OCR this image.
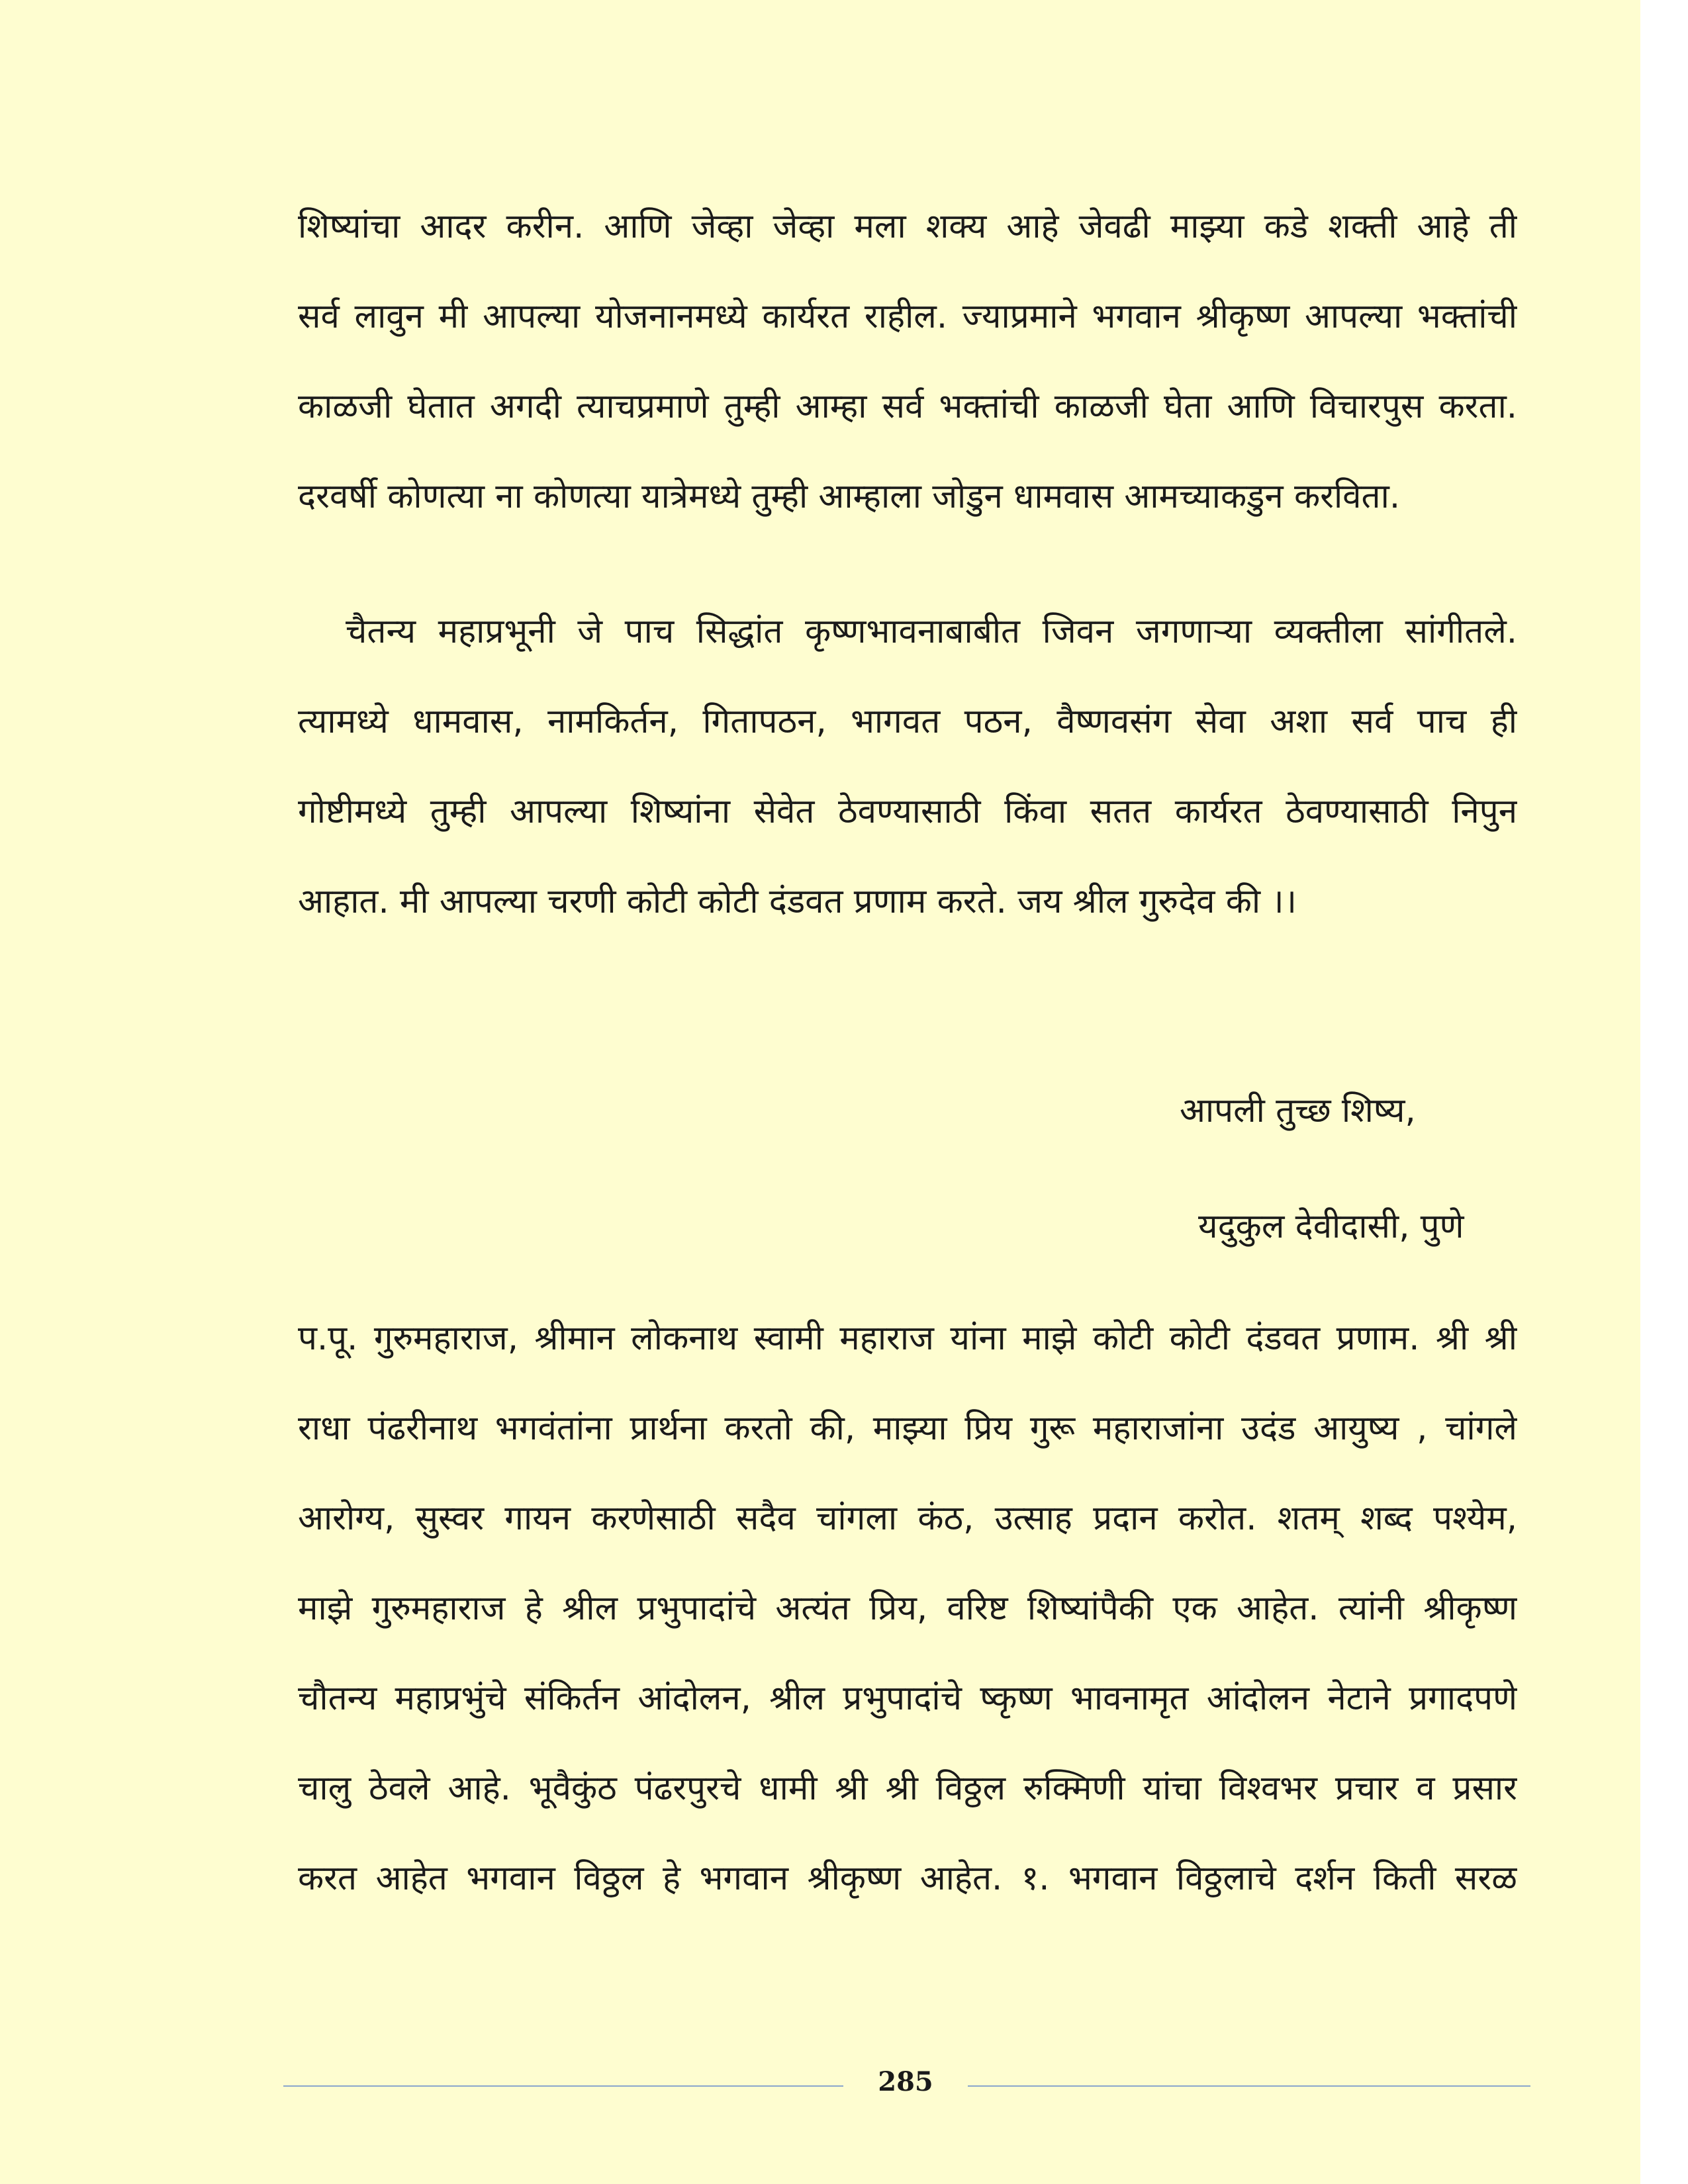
शिष्यांचा आदर करीन. आणि जेव्हा जेव्हा मला शक्य आहे जेवढी माझ्या कडे शक्ती आहे ती
सर्व लावुन मी आपल्या योजनानमध्ये कार्यरत राहील. ज्याप्रमाने भगवान श्रीकृष्ण आपल्या भक्तांची
काळजी घेतात अगदी त्याचप्रमाणे तुम्ही आम्हा सर्व भक्तांची काळजी घेता आणि विचारपुस करता.
दरवर्षी कोणत्या ना कोणत्या यात्रेमध्ये तुम्ही आम्हाला जोडुन धामवास आमच्याकडुन करविता.
चैतन्य महाप्रभूनी जे पाच सिद्धांत कृष्णभावनाबाबीत जिवन जगणाऱ्या व्यक्तीला सांगीतले.
त्यामध्ये धामवास, नामकिर्तन, गितापठन, भागवत पठन, वैष्णवसंग सेवा अशा सर्व पाच ही
गोष्टीमध्ये तुम्ही आपल्या शिष्यांना सेवेत ठेवण्यासाठी किंवा सतत कार्यरत ठेवण्यासाठी निपुन
आहात. मी आपल्या चरणी कोटी कोटी दंडवत प्रणाम करते. जय श्रील गुरुदेव की ।।
आपली तुच्छ शिष्य,
यदुकुल देवीदासी, पुणे
प.पू. गुरुमहाराज, श्रीमान लोकनाथ स्वामी महाराज यांना माझे कोटी कोटी दंडवत प्रणाम. श्री श्री
राधा पंढरीनाथ भगवंतांना प्रार्थना करतो की, माझ्या प्रिय गुरू महाराजांना उदंड आयुष्य , चांगले
आरोग्य, सुस्वर गायन करणेसाठी सदैव चांगला कंठ, उत्साह प्रदान करोत. शतम् शब्द पश्येम,
माझे गुरुमहाराज हे श्रील प्रभुपादांचे अत्यंत प्रिय, वरिष्ट शिष्यांपैकी एक आहेत. त्यांनी श्रीकृष्ण
चौतन्य महाप्रभुंचे संकिर्तन आंदोलन, श्रील प्रभुपादांचे ष्कृष्ण भावनामृत आंदोलन नेटाने प्रगादपणे
चालु ठेवले आहे. भूवैकुंठ पंढरपुरचे धामी श्री श्री विठ्ठल रुक्मिणी यांचा विश्वभर प्रचार व प्रसार
करत आहेत भगवान विठ्ठल हे भगवान श्रीकृष्ण आहेत. १. भगवान विठ्ठलाचे दर्शन किती सरळ
285
